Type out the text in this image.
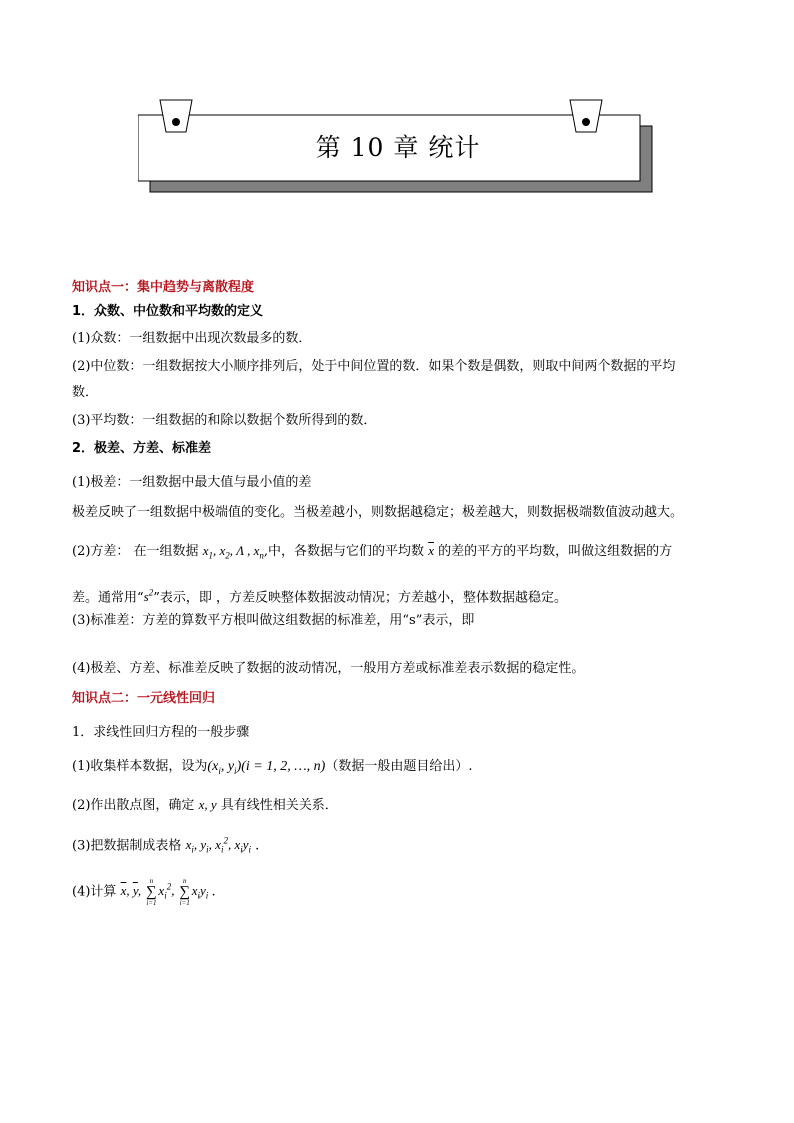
第 10 章 统计
知识点一：集中趋势与离散程度
1．众数、中位数和平均数的定义
(1)众数：一组数据中出现次数最多的数．
(2)中位数：一组数据按大小顺序排列后，处于中间位置的数．如果个数是偶数，则取中间两个数据的平均
数．
(3)平均数：一组数据的和除以数据个数所得到的数．
2．极差、方差、标准差
(1)极差：一组数据中最大值与最小值的差
极差反映了一组数据中极端值的变化。当极差越小，则数据越稳定；极差越大，则数据极端数值波动越大。
(2)方差： 在一组数据 $x_1$, $x_2$, Λ , $x_n$,中，各数据与它们的平均数 $\overline{x}$ 的差的平方的平均数，叫做这组数据的方
差。通常用“$s^2$”表示，即 ，方差反映整体数据波动情况；方差越小，整体数据越稳定。
(3)标准差：方差的算数平方根叫做这组数据的标准差，用“s”表示，即
(4)极差、方差、标准差反映了数据的波动情况，一般用方差或标准差表示数据的稳定性。
知识点二：一元线性回归
1．求线性回归方程的一般步骤
(1)收集样本数据，设为($x_i$, $y_i)(i = 1$, 2, …, n)（数据一般由题目给出）.
(2)作出散点图，确定 x, y 具有线性相关关系．
(3)把数据制成表格 $x_i$, $y_i$, $x_i^2$, $x_iy_i$ .
(4)计算 $\overline{x}$, $\overline{y}$,
n
∑
i=1
$x_i^2$,
n
∑
i=1
$x_iy_i$ .
